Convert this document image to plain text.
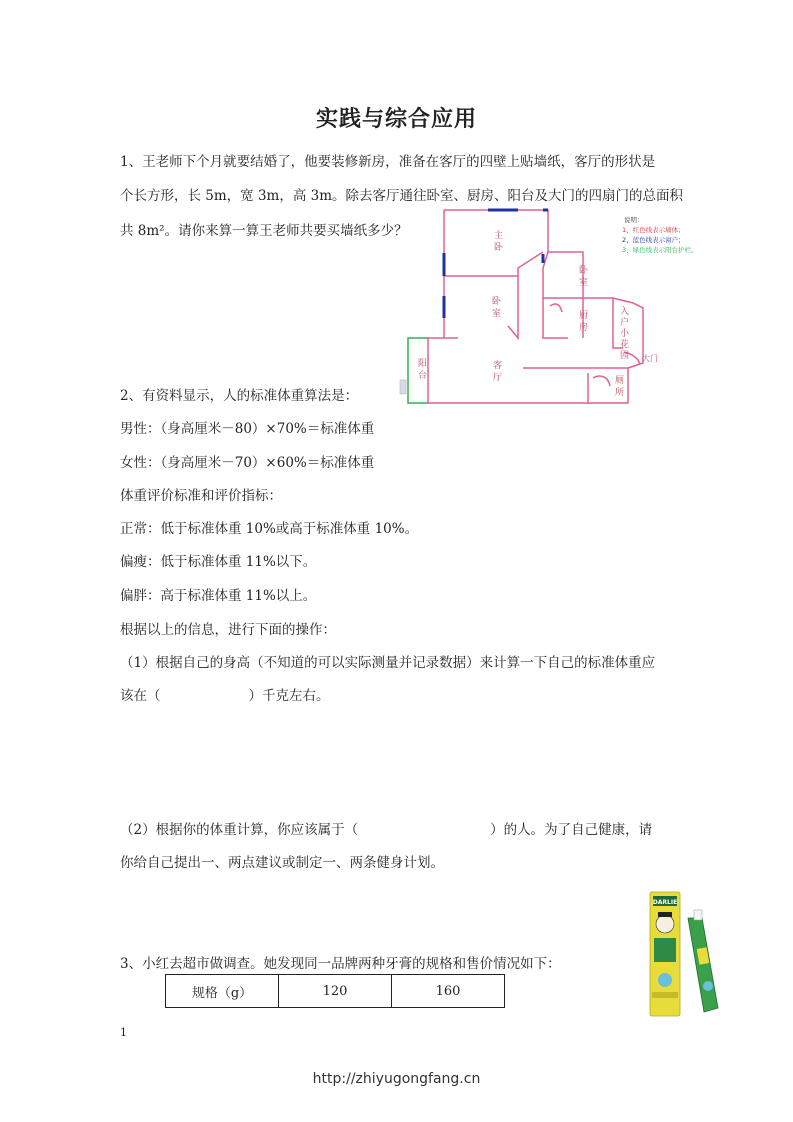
实践与综合应用
1、王老师下个月就要结婚了，他要装修新房，准备在客厅的四壁上贴墙纸，客厅的形状是
个长方形，长 5m，宽 3m，高 3m。除去客厅通往卧室、厨房、阳台及大门的四扇门的总面积
共 8m²。请你来算一算王老师共要买墙纸多少？	主卧
卧室
卧室	厨房
入户小花园
阳台
客厅	厕所
大门
说明：
1、红色线表示墙体；
2、蓝色线表示窗户；
3、绿色线表示阳台护栏。
2、有资料显示，人的标准体重算法是：
男性：（身高厘米－80）×70%＝标准体重
女性：（身高厘米－70）×60%＝标准体重
体重评价标准和评价指标：
正常：低于标准体重 10%或高于标准体重 10%。
偏瘦：低于标准体重 11%以下。
偏胖：高于标准体重 11%以上。
根据以上的信息，进行下面的操作：
（1）根据自己的身高（不知道的可以实际测量并记录数据）来计算一下自己的标准体重应
该在（	）千克左右。
（2）根据你的体重计算，你应该属于（	）的人。为了自己健康，请
你给自己提出一、两点建议或制定一、两条健身计划。
DARLIE
3、小红去超市做调查。她发现同一品牌两种牙膏的规格和售价情况如下：
规格（g）	120	160
1
http://zhiyugongfang.cn
